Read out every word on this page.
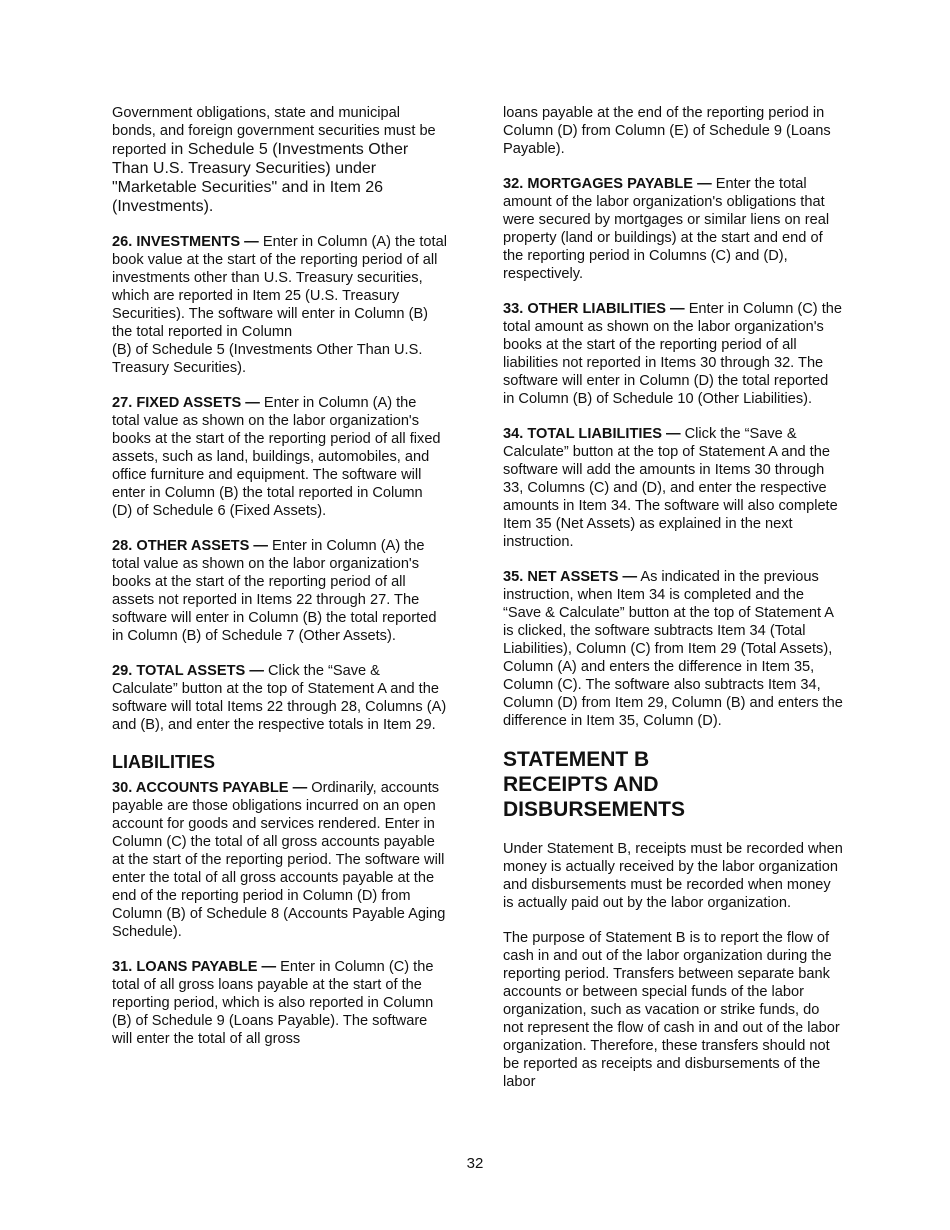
Government obligations, state and municipal bonds, and foreign government securities must be reported in Schedule 5 (Investments Other Than U.S. Treasury Securities) under "Marketable Securities" and in Item 26 (Investments).

26. INVESTMENTS — Enter in Column (A) the total book value at the start of the reporting period of all investments other than U.S. Treasury securities, which are reported in Item 25 (U.S. Treasury Securities). The software will enter in Column (B) the total reported in Column
(B) of Schedule 5 (Investments Other Than U.S. Treasury Securities).

27. FIXED ASSETS — Enter in Column (A) the total value as shown on the labor organization's books at the start of the reporting period of all fixed assets, such as land, buildings, automobiles, and office furniture and equipment. The software will enter in Column (B) the total reported in Column
(D) of Schedule 6 (Fixed Assets).

28. OTHER ASSETS — Enter in Column (A) the total value as shown on the labor organization's books at the start of the reporting period of all assets not reported in Items 22 through 27. The software will enter in Column (B) the total reported in Column (B) of Schedule 7 (Other Assets).

29. TOTAL ASSETS — Click the “Save & Calculate” button at the top of Statement A and the software will total Items 22 through 28, Columns (A) and (B), and enter the respective totals in Item 29.

LIABILITIES

30. ACCOUNTS PAYABLE — Ordinarily, accounts payable are those obligations incurred on an open account for goods and services rendered. Enter in Column (C) the total of all gross accounts payable at the start of the reporting period. The software will enter the total of all gross accounts payable at the end of the reporting period in Column (D) from Column (B) of Schedule 8 (Accounts Payable Aging Schedule).

31. LOANS PAYABLE — Enter in Column (C) the total of all gross loans payable at the start of the reporting period, which is also reported in Column (B) of Schedule 9 (Loans Payable). The software will enter the total of all gross

loans payable at the end of the reporting period in Column (D) from Column (E) of Schedule 9 (Loans Payable).

32. MORTGAGES PAYABLE — Enter the total amount of the labor organization's obligations that were secured by mortgages or similar liens on real property (land or buildings) at the start and end of the reporting period in Columns (C) and (D), respectively.

33. OTHER LIABILITIES — Enter in Column (C) the total amount as shown on the labor organization's books at the start of the reporting period of all liabilities not reported in Items 30 through 32. The software will enter in Column (D) the total reported in Column (B) of Schedule 10 (Other Liabilities).

34. TOTAL LIABILITIES — Click the “Save & Calculate” button at the top of Statement A and the software will add the amounts in Items 30 through 33, Columns (C) and (D), and enter the respective amounts in Item 34. The software will also complete Item 35 (Net Assets) as explained in the next instruction.

35. NET ASSETS — As indicated in the previous instruction, when Item 34 is completed and the “Save & Calculate” button at the top of Statement A is clicked, the software subtracts Item 34 (Total Liabilities), Column (C) from Item 29 (Total Assets), Column (A) and enters the difference in Item 35, Column (C). The software also subtracts Item 34, Column (D) from Item 29, Column (B) and enters the difference in Item 35, Column (D).

STATEMENT B
RECEIPTS AND
DISBURSEMENTS

Under Statement B, receipts must be recorded when money is actually received by the labor organization and disbursements must be recorded when money is actually paid out by the labor organization.

The purpose of Statement B is to report the flow of cash in and out of the labor organization during the reporting period. Transfers between separate bank accounts or between special funds of the labor organization, such as vacation or strike funds, do not represent the flow of cash in and out of the labor organization. Therefore, these transfers should not be reported as receipts and disbursements of the labor

32
